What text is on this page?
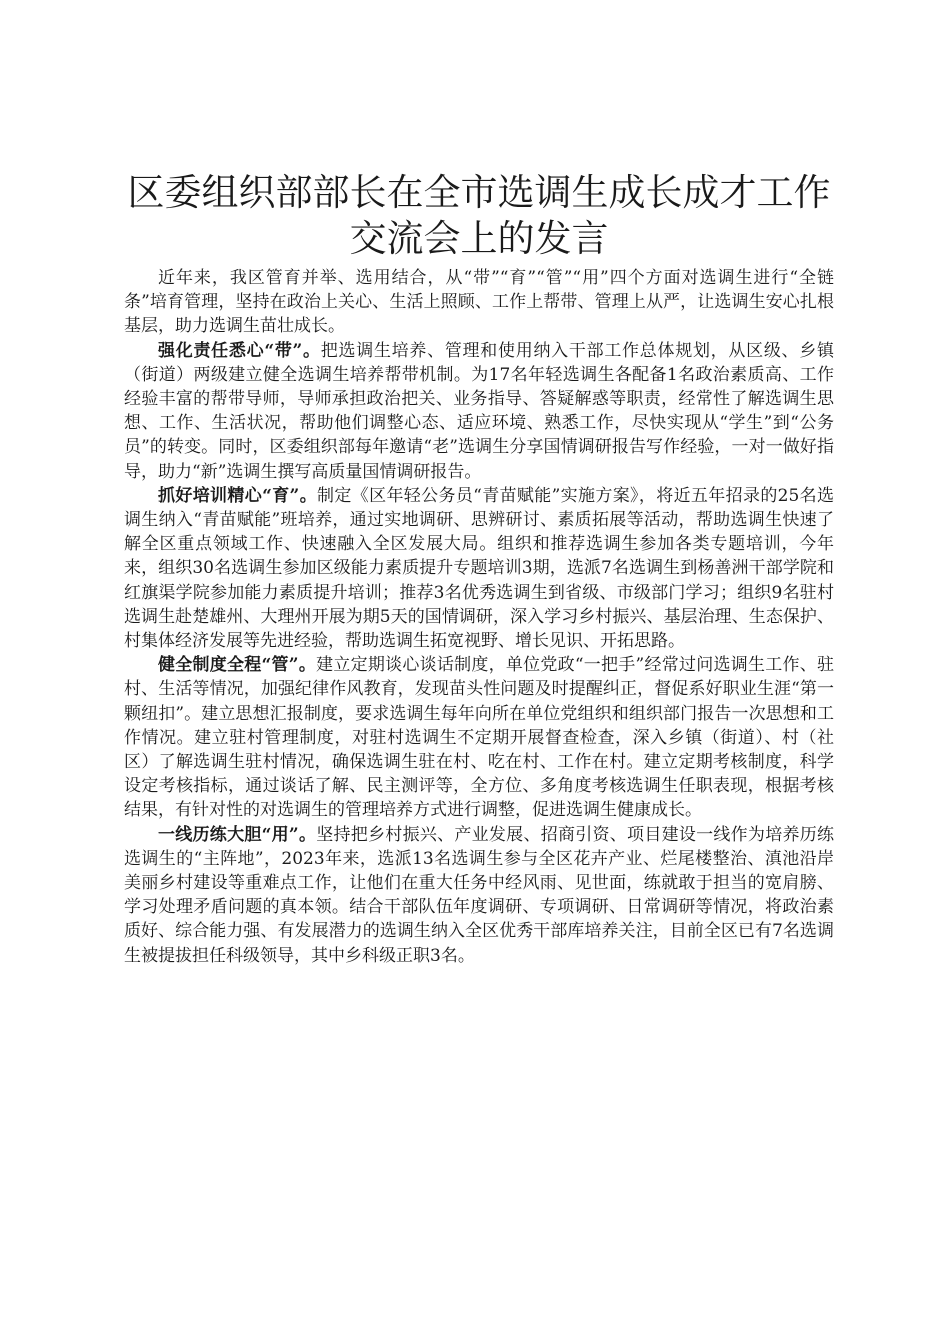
区委组织部部长在全市选调生成长成才工作交流会上的发言

近年来，我区管育并举、选用结合，从“带”“育”“管”“用”四个方面对选调生进行“全链条”培育管理，坚持在政治上关心、生活上照顾、工作上帮带、管理上从严，让选调生安心扎根基层，助力选调生苗壮成长。

强化责任悉心“带”。把选调生培养、管理和使用纳入干部工作总体规划，从区级、乡镇（街道）两级建立健全选调生培养帮带机制。为17名年轻选调生各配备1名政治素质高、工作经验丰富的帮带导师，导师承担政治把关、业务指导、答疑解惑等职责，经常性了解选调生思想、工作、生活状况，帮助他们调整心态、适应环境、熟悉工作，尽快实现从“学生”到“公务员”的转变。同时，区委组织部每年邀请“老”选调生分享国情调研报告写作经验，一对一做好指导，助力“新”选调生撰写高质量国情调研报告。

抓好培训精心“育”。制定《区年轻公务员“青苗赋能”实施方案》，将近五年招录的25名选调生纳入“青苗赋能”班培养，通过实地调研、思辨研讨、素质拓展等活动，帮助选调生快速了解全区重点领域工作、快速融入全区发展大局。组织和推荐选调生参加各类专题培训，今年来，组织30名选调生参加区级能力素质提升专题培训3期，选派7名选调生到杨善洲干部学院和红旗渠学院参加能力素质提升培训；推荐3名优秀选调生到省级、市级部门学习；组织9名驻村选调生赴楚雄州、大理州开展为期5天的国情调研，深入学习乡村振兴、基层治理、生态保护、村集体经济发展等先进经验，帮助选调生拓宽视野、增长见识、开拓思路。

健全制度全程“管”。建立定期谈心谈话制度，单位党政“一把手”经常过问选调生工作、驻村、生活等情况，加强纪律作风教育，发现苗头性问题及时提醒纠正，督促系好职业生涯“第一颗纽扣”。建立思想汇报制度，要求选调生每年向所在单位党组织和组织部门报告一次思想和工作情况。建立驻村管理制度，对驻村选调生不定期开展督查检查，深入乡镇（街道）、村（社区）了解选调生驻村情况，确保选调生驻在村、吃在村、工作在村。建立定期考核制度，科学设定考核指标，通过谈话了解、民主测评等，全方位、多角度考核选调生任职表现，根据考核结果，有针对性的对选调生的管理培养方式进行调整，促进选调生健康成长。

一线历练大胆“用”。坚持把乡村振兴、产业发展、招商引资、项目建设一线作为培养历练选调生的“主阵地”，2023年来，选派13名选调生参与全区花卉产业、烂尾楼整治、滇池沿岸美丽乡村建设等重难点工作，让他们在重大任务中经风雨、见世面，练就敢于担当的宽肩膀、学习处理矛盾问题的真本领。结合干部队伍年度调研、专项调研、日常调研等情况，将政治素质好、综合能力强、有发展潜力的选调生纳入全区优秀干部库培养关注，目前全区已有7名选调生被提拔担任科级领导，其中乡科级正职3名。
